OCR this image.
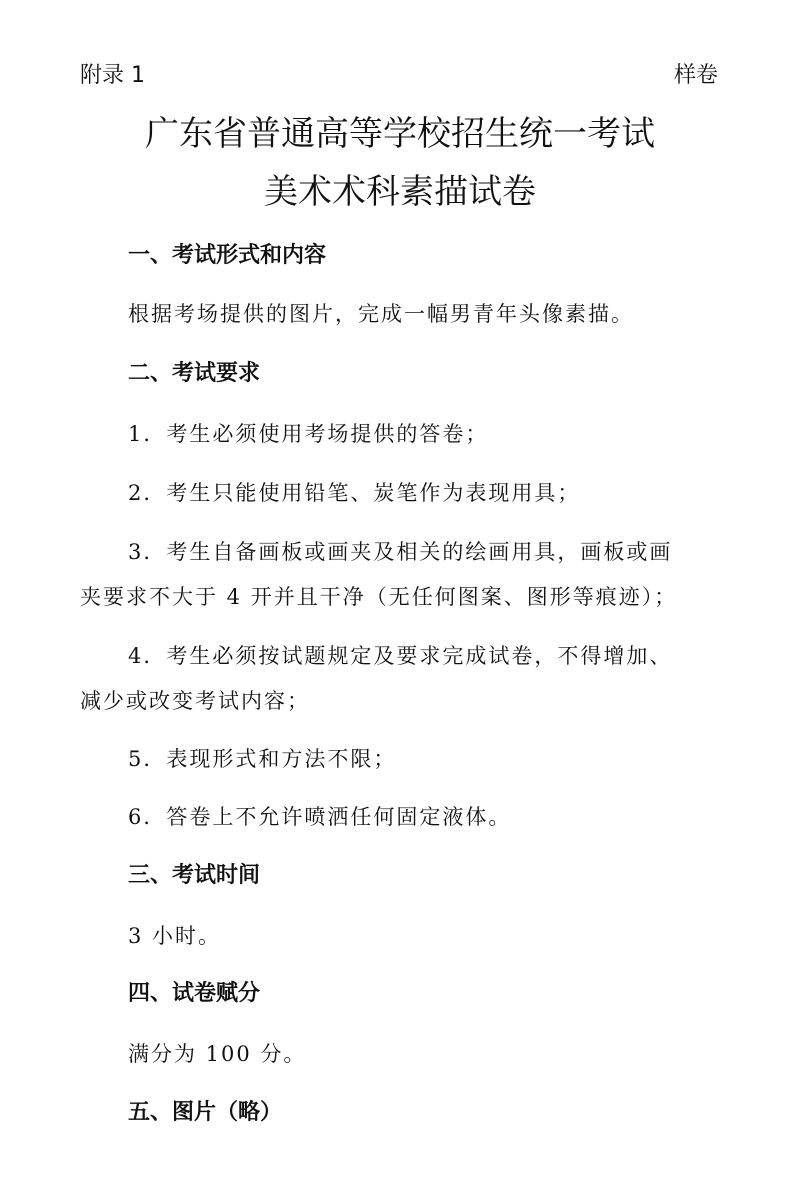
附录 1	样卷
广东省普通高等学校招生统一考试
美术术科素描试卷
一、考试形式和内容
根据考场提供的图片，完成一幅男青年头像素描。
二、考试要求
1．考生必须使用考场提供的答卷；
2．考生只能使用铅笔、炭笔作为表现用具；
3．考生自备画板或画夹及相关的绘画用具，画板或画
夹要求不大于 4 开并且干净（无任何图案、图形等痕迹）；
4．考生必须按试题规定及要求完成试卷，不得增加、
减少或改变考试内容；
5．表现形式和方法不限；
6．答卷上不允许喷洒任何固定液体。
三、考试时间
3 小时。
四、试卷赋分
满分为 100 分。
五、图片（略）
